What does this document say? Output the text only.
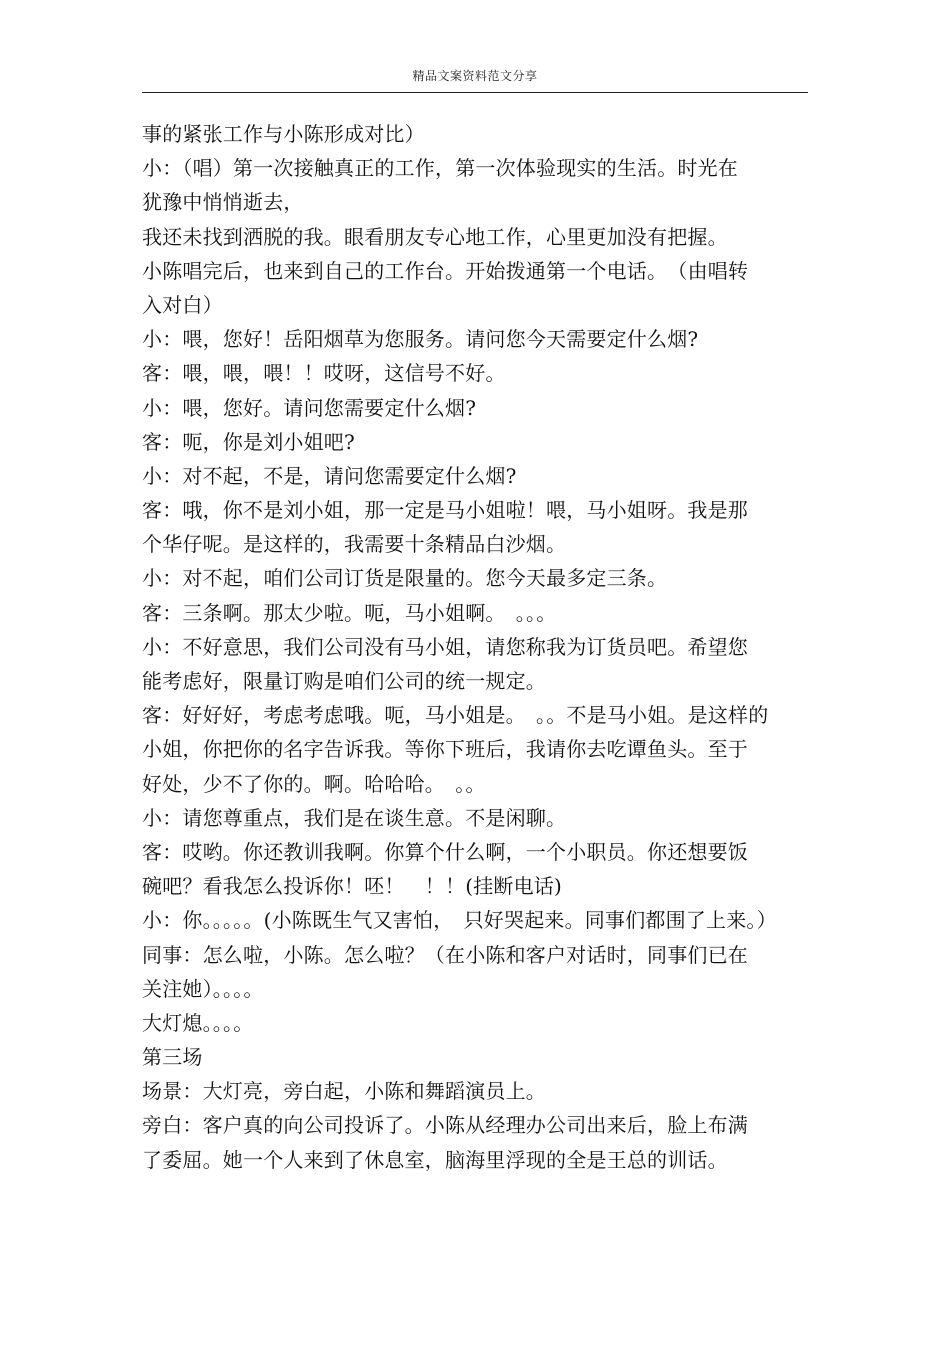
精品文案资料范文分享
事的紧张工作与小陈形成对比）
小：（唱）第一次接触真正的工作，第一次体验现实的生活。时光在
犹豫中悄悄逝去，
我还未找到洒脱的我。眼看朋友专心地工作，心里更加没有把握。
小陈唱完后，也来到自己的工作台。开始拨通第一个电话。　（由唱转
入对白）
小：喂，您好！岳阳烟草为您服务。请问您今天需要定什么烟?
客：喂，喂，喂！！哎呀，这信号不好。
小：喂，您好。请问您需要定什么烟?
客：呃，你是刘小姐吧?
小：对不起，不是，请问您需要定什么烟?
客：哦，你不是刘小姐，那一定是马小姐啦！喂，马小姐呀。我是那
个华仔呢。是这样的，我需要十条精品白沙烟。
小：对不起，咱们公司订货是限量的。您今天最多定三条。
客：三条啊。那太少啦。呃，马小姐啊。　。。。
小：不好意思，我们公司没有马小姐，请您称我为订货员吧。希望您
能考虑好，限量订购是咱们公司的统一规定。
客：好好好，考虑考虑哦。呃，马小姐是。　。。不是马小姐。是这样的
小姐，你把你的名字告诉我。等你下班后，我请你去吃谭鱼头。至于
好处，少不了你的。啊。哈哈哈。　。。
小：请您尊重点，我们是在谈生意。不是闲聊。
客：哎哟。你还教训我啊。你算个什么啊，一个小职员。你还想要饭
碗吧？看我怎么投诉你！呸！　！！(挂断电话)
小：你。。。。。(小陈既生气又害怕，　只好哭起来。同事们都围了上来。）
同事：怎么啦，小陈。怎么啦？（在小陈和客户对话时，同事们已在
关注她）。。。。
大灯熄。。。。
第三场
场景：大灯亮，旁白起，小陈和舞蹈演员上。
旁白：客户真的向公司投诉了。小陈从经理办公司出来后，脸上布满
了委屈。她一个人来到了休息室，脑海里浮现的全是王总的训话。
